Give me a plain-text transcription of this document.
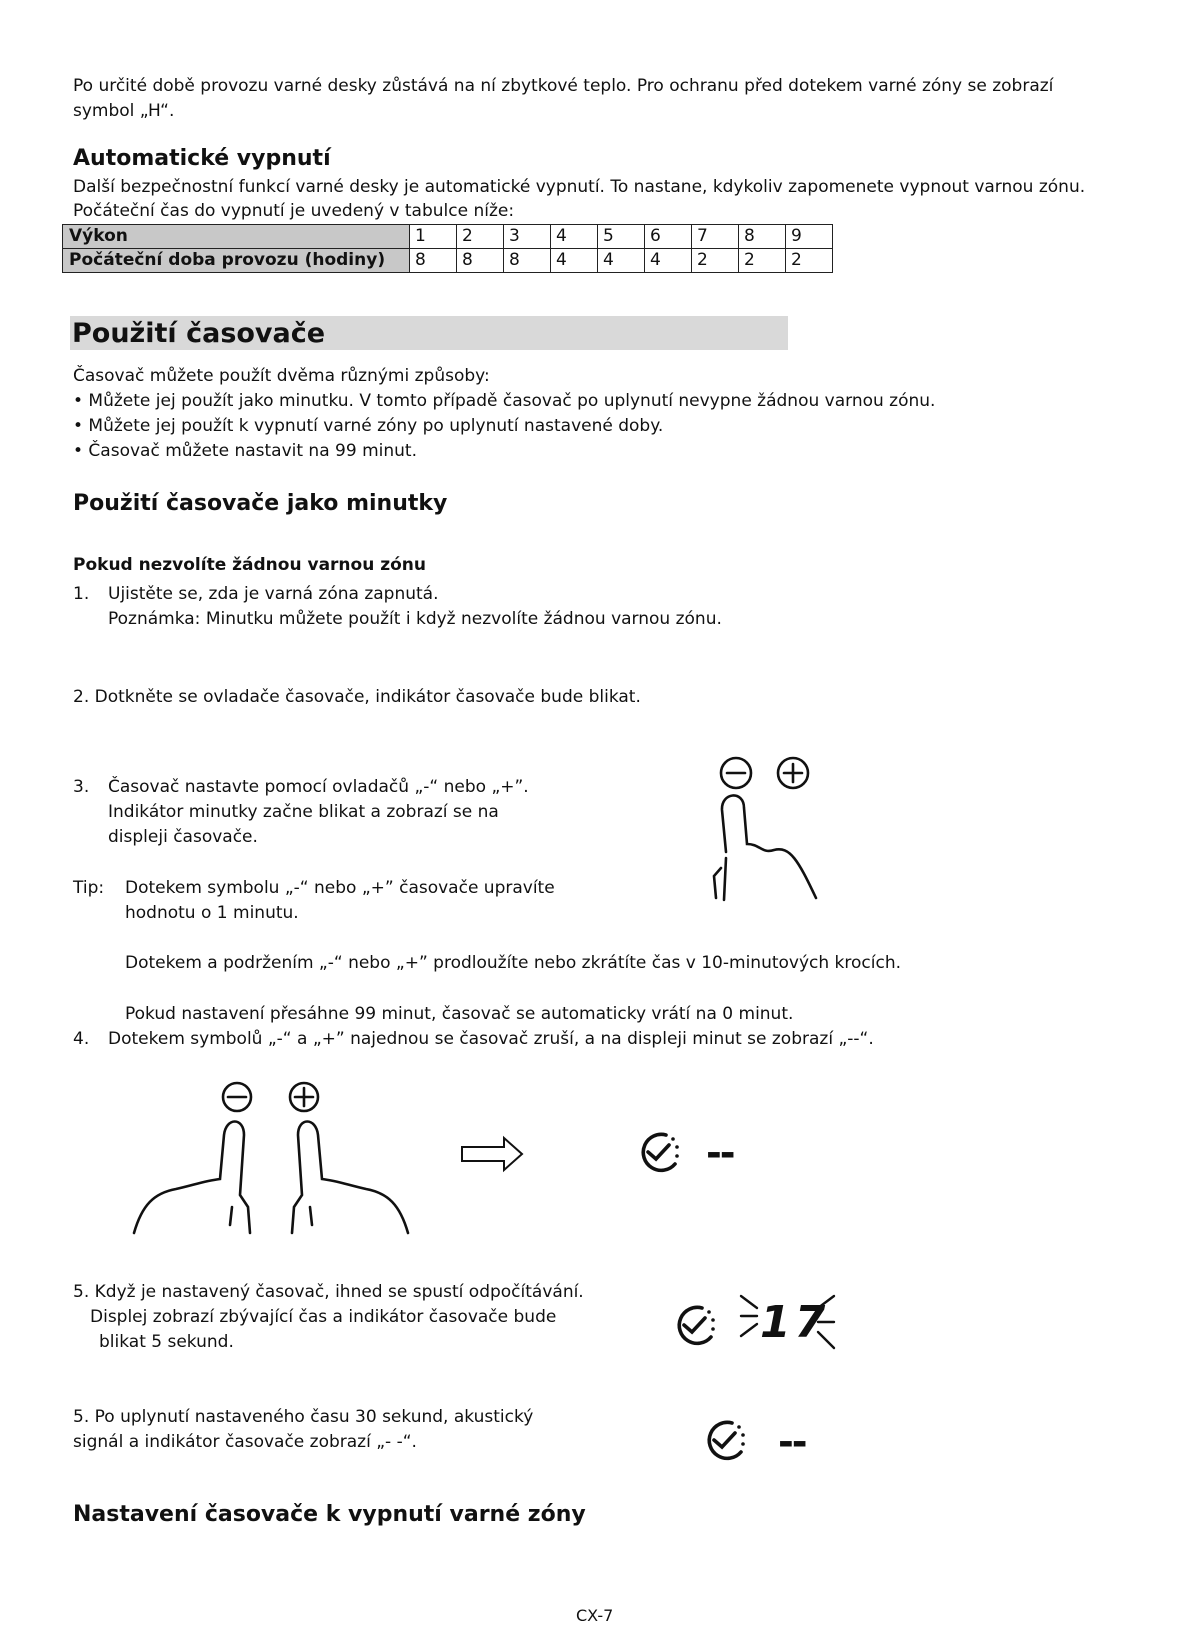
Po určité době provozu varné desky zůstává na ní zbytkové teplo. Pro ochranu před dotekem varné zóny se zobrazí
symbol „H“.
Automatické vypnutí
Další bezpečnostní funkcí varné desky je automatické vypnutí. To nastane, kdykoliv zapomenete vypnout varnou zónu.
Počáteční čas do vypnutí je uvedený v tabulce níže:
Výkon	1	2	3	4	5	6	7	8	9
Počáteční doba provozu (hodiny)	8	8	8	4	4	4	2	2	2
Použití časovače
Časovač můžete použít dvěma různými způsoby:
• Můžete jej použít jako minutku. V tomto případě časovač po uplynutí nevypne žádnou varnou zónu.
• Můžete jej použít k vypnutí varné zóny po uplynutí nastavené doby.
• Časovač můžete nastavit na 99 minut.
Použití časovače jako minutky
Pokud nezvolíte žádnou varnou zónu
1. Ujistěte se, zda je varná zóna zapnutá.
Poznámka: Minutku můžete použít i když nezvolíte žádnou varnou zónu.
2. Dotkněte se ovladače časovače, indikátor časovače bude blikat.
3. Časovač nastavte pomocí ovladačů „-“ nebo „+”.
Indikátor minutky začne blikat a zobrazí se na
displeji časovače.
Tip: Dotekem symbolu „-“ nebo „+” časovače upravíte
hodnotu o 1 minutu.
Dotekem a podržením „-“ nebo „+” prodloužíte nebo zkrátíte čas v 10-minutových krocích.
Pokud nastavení přesáhne 99 minut, časovač se automaticky vrátí na 0 minut.
4. Dotekem symbolů „-“ a „+” najednou se časovač zruší, a na displeji minut se zobrazí „--“.
5. Když je nastavený časovač, ihned se spustí odpočítávání.
Displej zobrazí zbývající čas a indikátor časovače bude
blikat 5 sekund.
5. Po uplynutí nastaveného času 30 sekund, akustický
signál a indikátor časovače zobrazí „- -“.
Nastavení časovače k vypnutí varné zóny
CX-7
--
17
--
